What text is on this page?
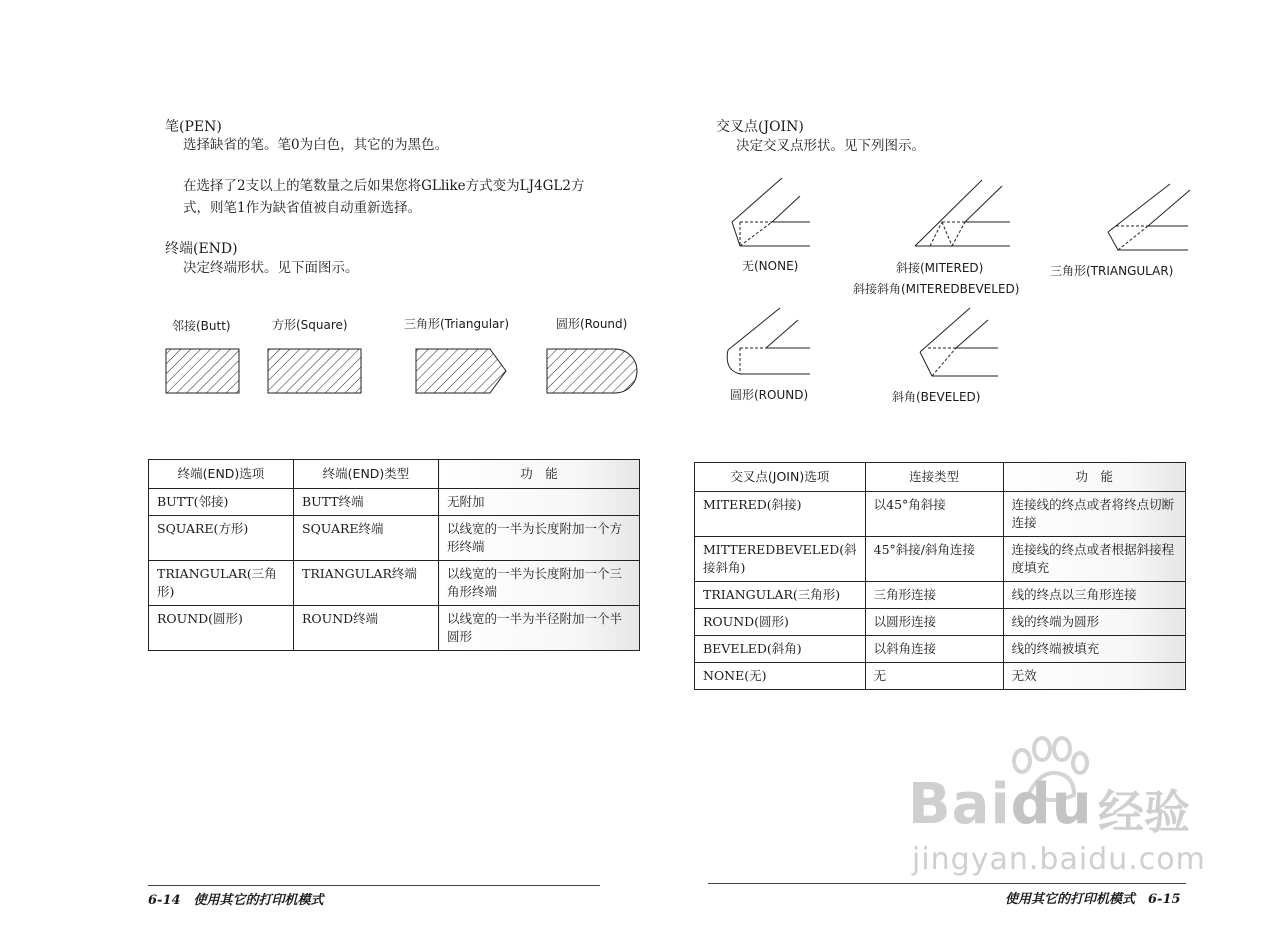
笔(PEN)
选择缺省的笔。笔0为白色，其它的为黑色。
在选择了2支以上的笔数量之后如果您将GLlike方式变为LJ4GL2方
式，则笔1作为缺省值被自动重新选择。
终端(END)
决定终端形状。见下面图示。
邻接(Butt)	方形(Square)	三角形(Triangular)	圆形(Round)
终端(END)选项	终端(END)类型	功　能
BUTT(邻接)	BUTT终端	无附加
SQUARE(方形)	SQUARE终端	以线宽的一半为长度附加一个方形终端
TRIANGULAR(三角形)	TRIANGULAR终端	以线宽的一半为长度附加一个三角形终端
ROUND(圆形)	ROUND终端	以线宽的一半为半径附加一个半圆形
6-14　使用其它的打印机模式
交叉点(JOIN)
决定交叉点形状。见下列图示。
无(NONE)	斜接(MITERED)
斜接斜角(MITEREDBEVELED)
三角形(TRIANGULAR)
圆形(ROUND)	斜角(BEVELED)
交叉点(JOIN)选项	连接类型	功　能
MITERED(斜接)	以45°角斜接	连接线的终点或者将终点切断连接
MITTEREDBEVELED(斜接斜角)	45°斜接/斜角连接	连接线的终点或者根据斜接程度填充
TRIANGULAR(三角形)	三角形连接	线的终点以三角形连接
ROUND(圆形)	以圆形连接	线的终端为圆形
BEVELED(斜角)	以斜角连接	线的终端被填充
NONE(无)	无	无效
使用其它的打印机模式　6-15
Baidu 经验
jingyan.baidu.com
